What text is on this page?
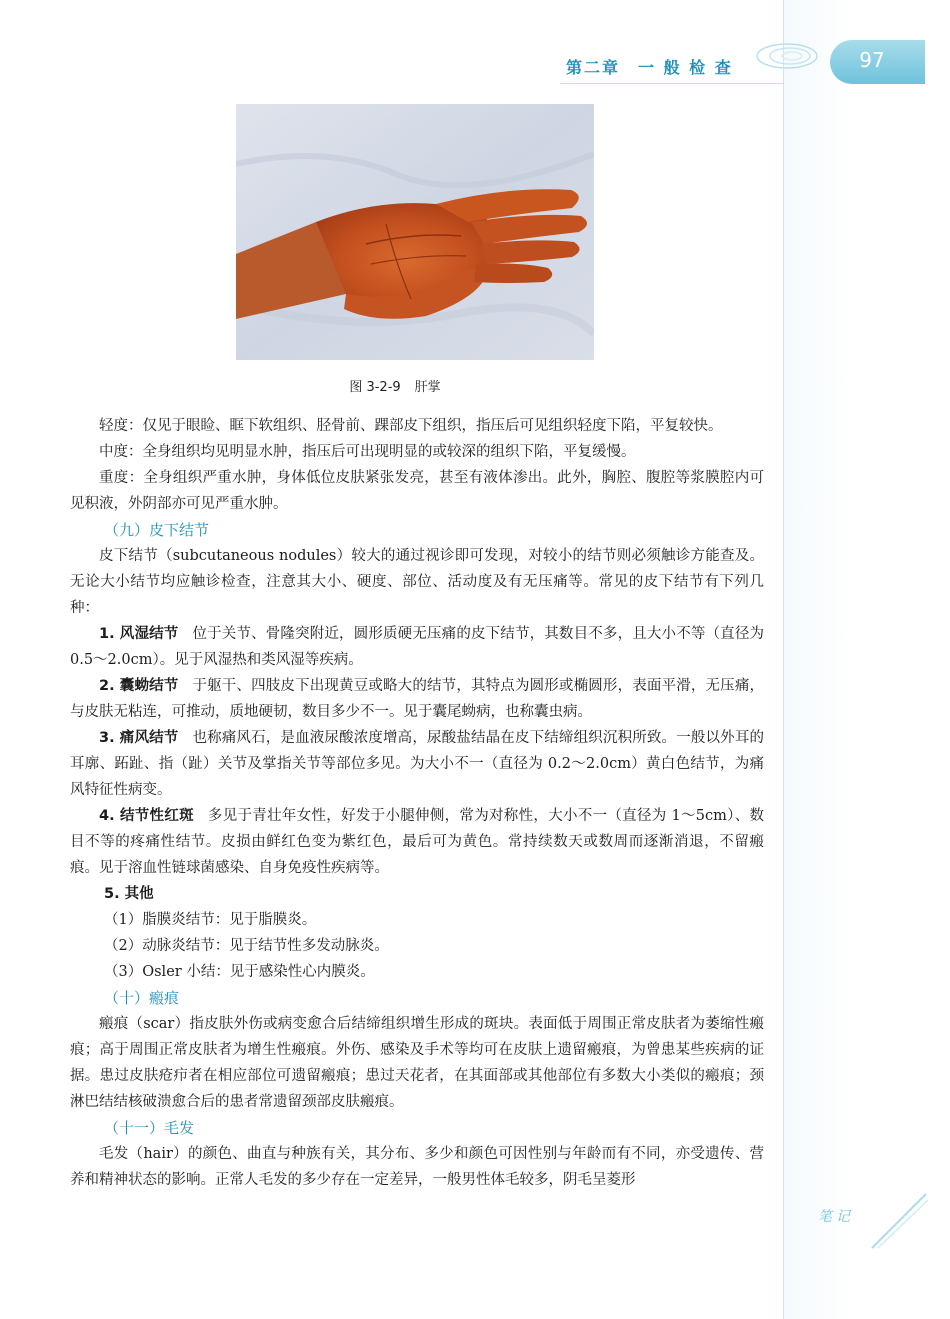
第二章　一 般 检 查	97
图 3-2-9 肝掌

轻度：仅见于眼睑、眶下软组织、胫骨前、踝部皮下组织，指压后可见组织轻度下陷，平复较快。

中度：全身组织均见明显水肿，指压后可出现明显的或较深的组织下陷，平复缓慢。

重度：全身组织严重水肿，身体低位皮肤紧张发亮，甚至有液体渗出。此外，胸腔、腹腔等浆膜腔内可见积液，外阴部亦可见严重水肿。

（九）皮下结节

皮下结节（subcutaneous nodules）较大的通过视诊即可发现，对较小的结节则必须触诊方能查及。无论大小结节均应触诊检查，注意其大小、硬度、部位、活动度及有无压痛等。常见的皮下结节有下列几种：

1. 风湿结节 位于关节、骨隆突附近，圆形质硬无压痛的皮下结节，其数目不多，且大小不等（直径为 0.5～2.0cm）。见于风湿热和类风湿等疾病。

2. 囊蚴结节 于躯干、四肢皮下出现黄豆或略大的结节，其特点为圆形或椭圆形，表面平滑，无压痛，与皮肤无粘连，可推动，质地硬韧，数目多少不一。见于囊尾蚴病，也称囊虫病。

3. 痛风结节 也称痛风石，是血液尿酸浓度增高，尿酸盐结晶在皮下结缔组织沉积所致。一般以外耳的耳廓、跖趾、指（趾）关节及掌指关节等部位多见。为大小不一（直径为 0.2～2.0cm）黄白色结节，为痛风特征性病变。

4. 结节性红斑 多见于青壮年女性，好发于小腿伸侧，常为对称性，大小不一（直径为 1～5cm）、数目不等的疼痛性结节。皮损由鲜红色变为紫红色，最后可为黄色。常持续数天或数周而逐渐消退，不留瘢痕。见于溶血性链球菌感染、自身免疫性疾病等。

5. 其他

（1）脂膜炎结节：见于脂膜炎。

（2）动脉炎结节：见于结节性多发动脉炎。

（3）Osler 小结：见于感染性心内膜炎。

（十）瘢痕

瘢痕（scar）指皮肤外伤或病变愈合后结缔组织增生形成的斑块。表面低于周围正常皮肤者为萎缩性瘢痕；高于周围正常皮肤者为增生性瘢痕。外伤、感染及手术等均可在皮肤上遗留瘢痕，为曾患某些疾病的证据。患过皮肤疮疖者在相应部位可遗留瘢痕；患过天花者，在其面部或其他部位有多数大小类似的瘢痕；颈淋巴结结核破溃愈合后的患者常遗留颈部皮肤瘢痕。

（十一）毛发

毛发（hair）的颜色、曲直与种族有关，其分布、多少和颜色可因性别与年龄而有不同，亦受遗传、营养和精神状态的影响。正常人毛发的多少存在一定差异，一般男性体毛较多，阴毛呈菱形

笔记
